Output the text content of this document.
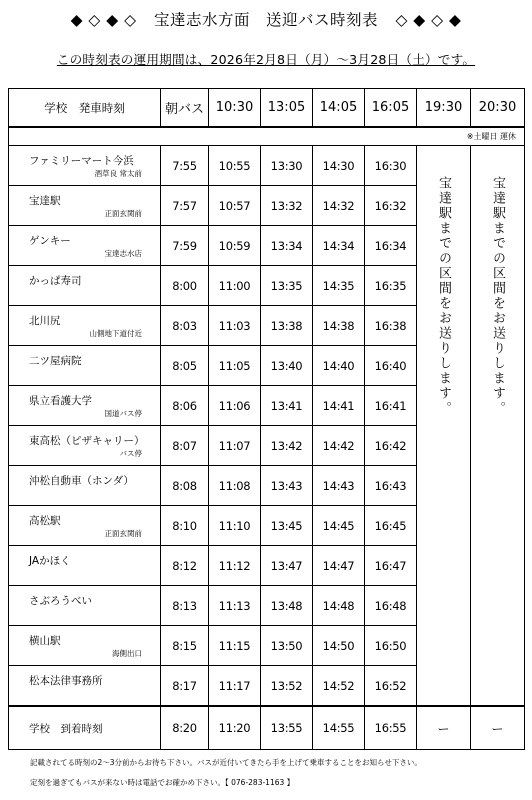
◆ ◇ ◆ ◇ 宝達志水方面　送迎バス時刻表 ◇ ◆ ◇ ◆
この時刻表の運用期間は、2026年2月8日（月）～3月28日（土）です。
学校　発車時刻	朝バス	10:30	13:05	14:05	16:05	19:30	20:30
※土曜日 運休							

ファミリーマート今浜
酒草良 常太前	7:55	10:55	13:30	14:30	16:30	宝達駅までの区間をお送りします。	宝達駅までの区間をお送りします。

宝達駅
正面玄関前	7:57	10:57	13:32	14:32	16:32		

ゲンキー
宝達志水店	7:59	10:59	13:34	14:34	16:34		

かっぱ寿司	8:00	11:00	13:35	14:35	16:35		

北川尻
山側地下道付近	8:03	11:03	13:38	14:38	16:38		

二ツ屋病院	8:05	11:05	13:40	14:40	16:40		

県立看護大学
国道バス停	8:06	11:06	13:41	14:41	16:41		

東高松（ピザキャリー）
バス停	8:07	11:07	13:42	14:42	16:42		

沖松自動車（ホンダ）	8:08	11:08	13:43	14:43	16:43		

高松駅
正面玄関前	8:10	11:10	13:45	14:45	16:45		

JAかほく	8:12	11:12	13:47	14:47	16:47		

さぶろうべい	8:13	11:13	13:48	14:48	16:48		

横山駅
海側出口	8:15	11:15	13:50	14:50	16:50		

松本法律事務所	8:17	11:17	13:52	14:52	16:52		
学校　到着時刻	8:20	11:20	13:55	14:55	16:55	ー	ー
記載されてる時刻の2～3分前からお待ち下さい。バスが近付いてきたら手を上げて乗車することをお知らせ下さい。
定刻を過ぎてもバスが来ない時は電話でお確かめ下さい。【 076-283-1163 】
